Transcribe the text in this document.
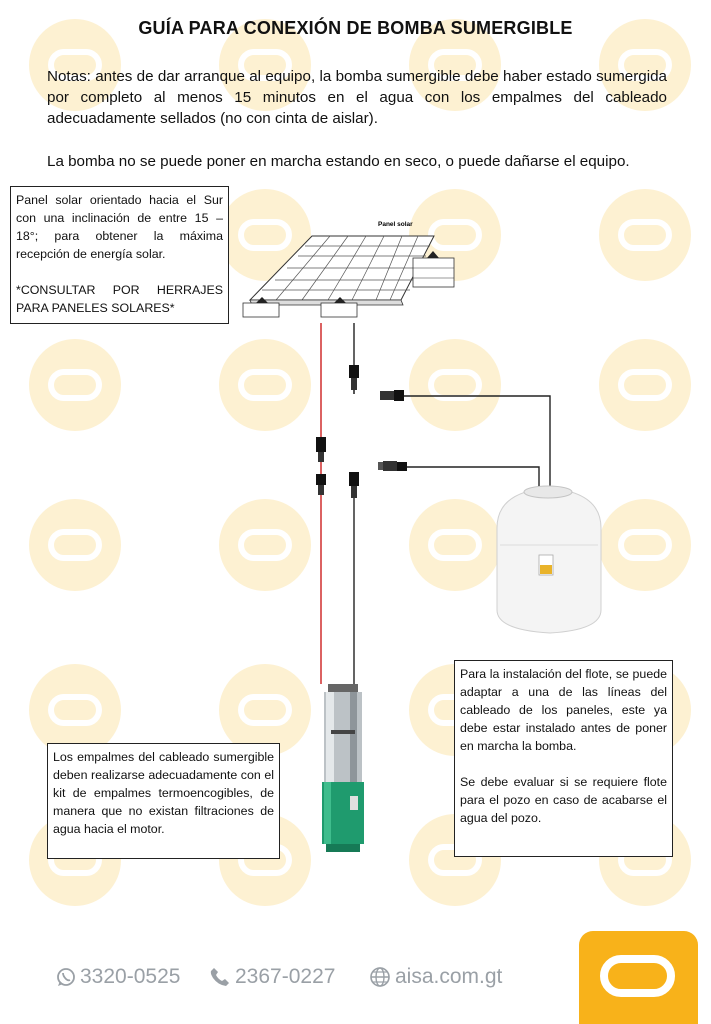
GUÍA PARA CONEXIÓN DE BOMBA SUMERGIBLE
Notas: antes de dar arranque al equipo, la bomba sumergible debe haber estado sumergida por completo al menos 15 minutos en el agua con los empalmes del cableado adecuadamente sellados (no con cinta de aislar).
La bomba no se puede poner en marcha estando en seco, o puede dañarse el equipo.
Panel solar

Panel solar orientado hacia el Sur con una inclinación de entre 15 – 18°; para obtener la máxima recepción de energía solar.

*CONSULTAR POR HERRAJES PARA PANELES SOLARES*

Los empalmes del cableado sumergible deben realizarse adecuadamente con el kit de empalmes termoencogibles, de manera que no existan filtraciones de agua hacia el motor.

Para la instalación del flote, se puede adaptar a una de las líneas del cableado de los paneles, este ya debe estar instalado antes de poner en marcha la bomba.

Se debe evaluar si se requiere flote para el pozo en caso de acabarse el agua del pozo.

3320-0525	2367-0227	aisa.com.gt
